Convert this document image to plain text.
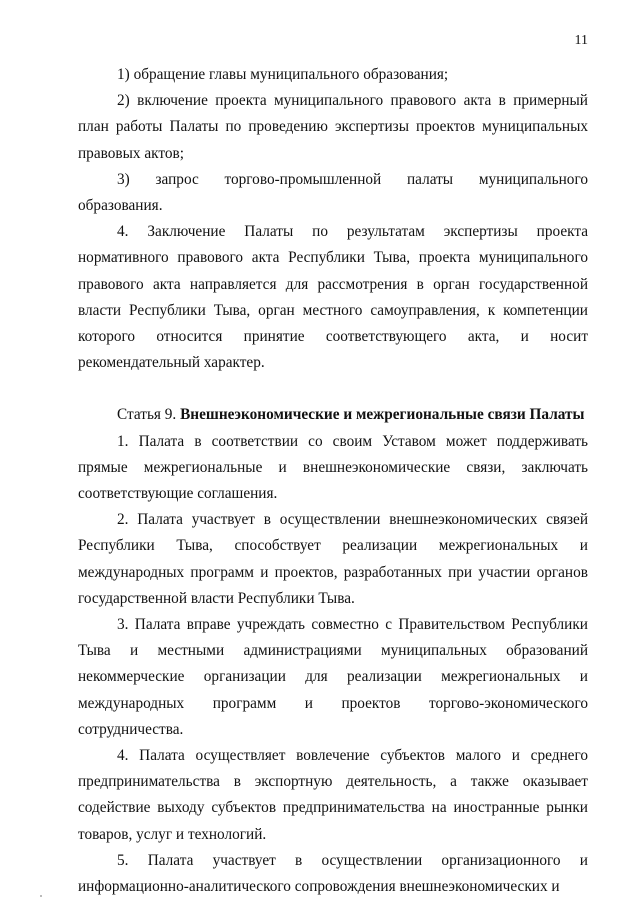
11

1) обращение главы муниципального образования;

2) включение проекта муниципального правового акта в примерный план работы Палаты по проведению экспертизы проектов муниципальных правовых актов;

3) запрос торгово-промышленной палаты муниципального образования.

4. Заключение Палаты по результатам экспертизы проекта нормативного правового акта Республики Тыва, проекта муниципального правового акта направляется для рассмотрения в орган государственной власти Республики Тыва, орган местного самоуправления, к компетенции которого относится принятие соответствующего акта, и носит рекомендательный характер.

Статья 9. Внешнеэкономические и межрегиональные связи Палаты

1. Палата в соответствии со своим Уставом может поддерживать прямые межрегиональные и внешнеэкономические связи, заключать соответствующие соглашения.

2. Палата участвует в осуществлении внешнеэкономических связей Республики Тыва, способствует реализации межрегиональных и международных программ и проектов, разработанных при участии органов государственной власти Республики Тыва.

3. Палата вправе учреждать совместно с Правительством Республики Тыва и местными администрациями муниципальных образований некоммерческие организации для реализации межрегиональных и международных программ и проектов торгово-экономического сотрудничества.

4. Палата осуществляет вовлечение субъектов малого и среднего предпринимательства в экспортную деятельность, а также оказывает содействие выходу субъектов предпринимательства на иностранные рынки товаров, услуг и технологий.

5. Палата участвует в осуществлении организационного и информационно-аналитического сопровождения внешнеэкономических и
